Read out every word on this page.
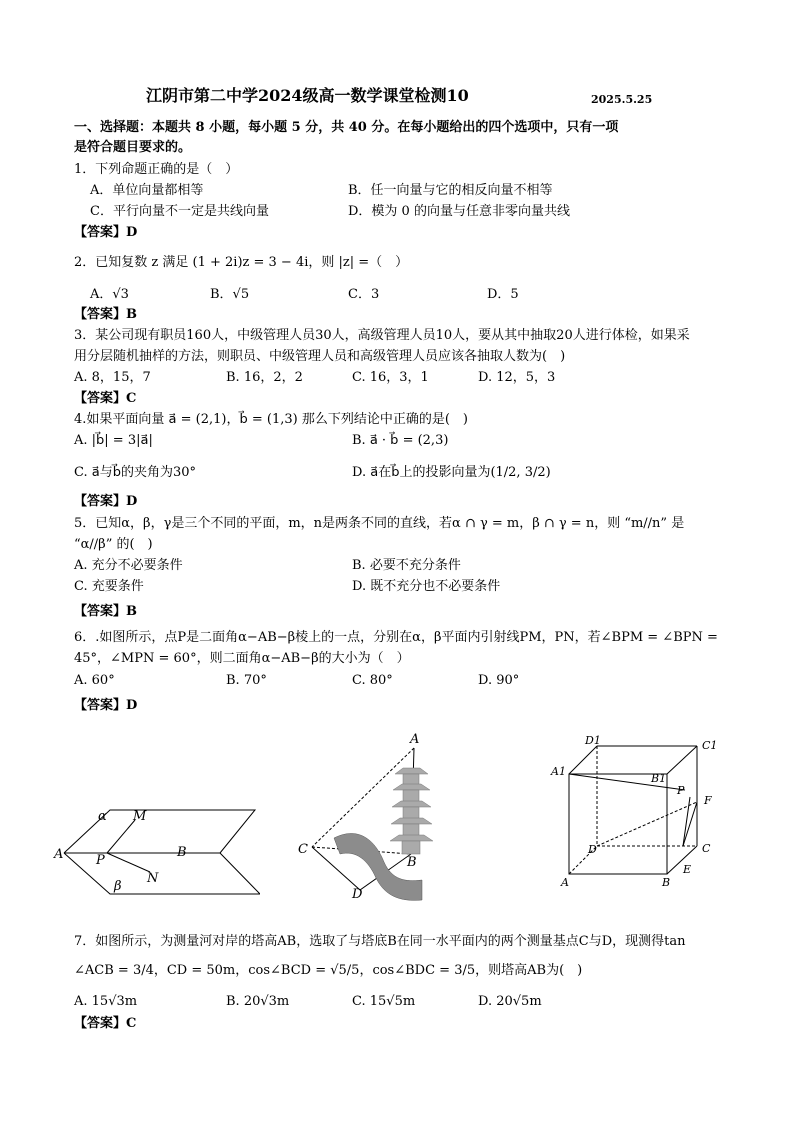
江阴市第二中学2024级高一数学课堂检测10	2025.5.25
一、选择题：本题共 8 小题，每小题 5 分，共 40 分。在每小题给出的四个选项中，只有一项
是符合题目要求的。
1．下列命题正确的是（　）
A．单位向量都相等	B．任一向量与它的相反向量不相等
C．平行向量不一定是共线向量	D．模为 0 的向量与任意非零向量共线
【答案】D
2．已知复数 z 满足 (1 + 2i)z = 3 − 4i，则 |z| =（　）
A．√3	B．√5	C．3	D．5
【答案】B
3．某公司现有职员160人，中级管理人员30人，高级管理人员10人，要从其中抽取20人进行体检，如果采
用分层随机抽样的方法，则职员、中级管理人员和高级管理人员应该各抽取人数为(　)
A. 8，15，7	B. 16，2，2	C. 16，3，1	D. 12，5，3
【答案】C
4.如果平面向量 a⃗ = (2,1)，b⃗ = (1,3) 那么下列结论中正确的是(　)
A. |b⃗| = 3|a⃗|	B. a⃗ · b⃗ = (2,3)
C. a⃗与b⃗的夹角为30°	D. a⃗在b⃗上的投影向量为(1/2, 3/2)
【答案】D
5．已知α，β，γ是三个不同的平面，m，n是两条不同的直线，若α ∩ γ = m，β ∩ γ = n，则 “m//n” 是
“α//β” 的(　)
A. 充分不必要条件	B. 必要不充分条件
C. 充要条件	D. 既不充分也不必要条件
【答案】B
6．.如图所示，点P是二面角α−AB−β棱上的一点，分别在α，β平面内引射线PM，PN，若∠BPM = ∠BPN =
45°，∠MPN = 60°，则二面角α−AB−β的大小为（　）
A. 60°	B. 70°	C. 80°	D. 90°
【答案】D
α M
A	P
B
N
β
A
C
B
D
D1	C1
A1
B1
P
F
D	C
A	B
E
7．如图所示，为测量河对岸的塔高AB，选取了与塔底B在同一水平面内的两个测量基点C与D，现测得tan
∠ACB = 3/4，CD = 50m，cos∠BCD = √5/5，cos∠BDC = 3/5，则塔高AB为(　)
A. 15√3m	B. 20√3m	C. 15√5m	D. 20√5m
【答案】C
